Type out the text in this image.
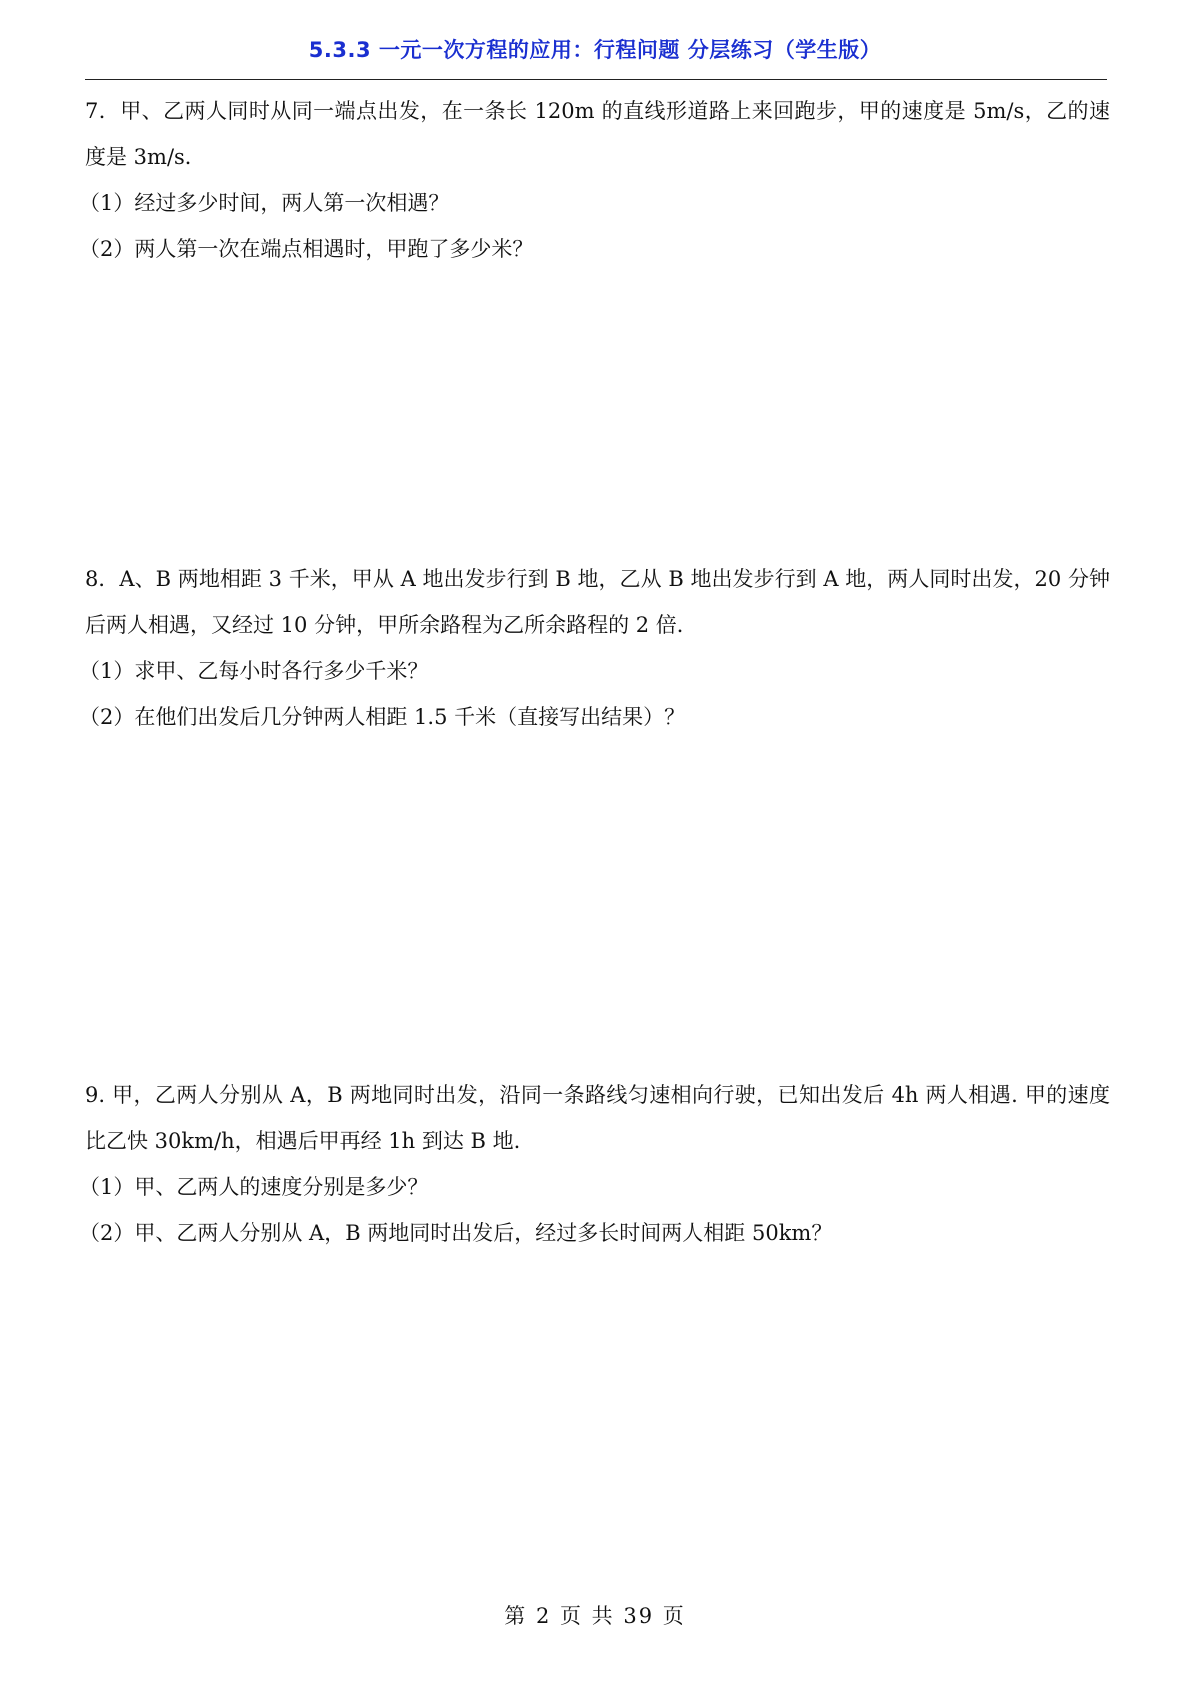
5.3.3 一元一次方程的应用：行程问题 分层练习（学生版）

7．甲、乙两人同时从同一端点出发，在一条长 120m 的直线形道路上来回跑步，甲的速度是 5m/s，乙的速度是 3m/s．

（1）经过多少时间，两人第一次相遇？

（2）两人第一次在端点相遇时，甲跑了多少米？

8．A、B 两地相距 3 千米，甲从 A 地出发步行到 B 地，乙从 B 地出发步行到 A 地，两人同时出发，20 分钟后两人相遇，又经过 10 分钟，甲所余路程为乙所余路程的 2 倍．

（1）求甲、乙每小时各行多少千米？

（2）在他们出发后几分钟两人相距 1.5 千米（直接写出结果）？

9. 甲，乙两人分别从 A，B 两地同时出发，沿同一条路线匀速相向行驶，已知出发后 4h 两人相遇. 甲的速度比乙快 30km/h，相遇后甲再经 1h 到达 B 地.

（1）甲、乙两人的速度分别是多少？

（2）甲、乙两人分别从 A，B 两地同时出发后，经过多长时间两人相距 50km？

第 2 页 共 39 页
